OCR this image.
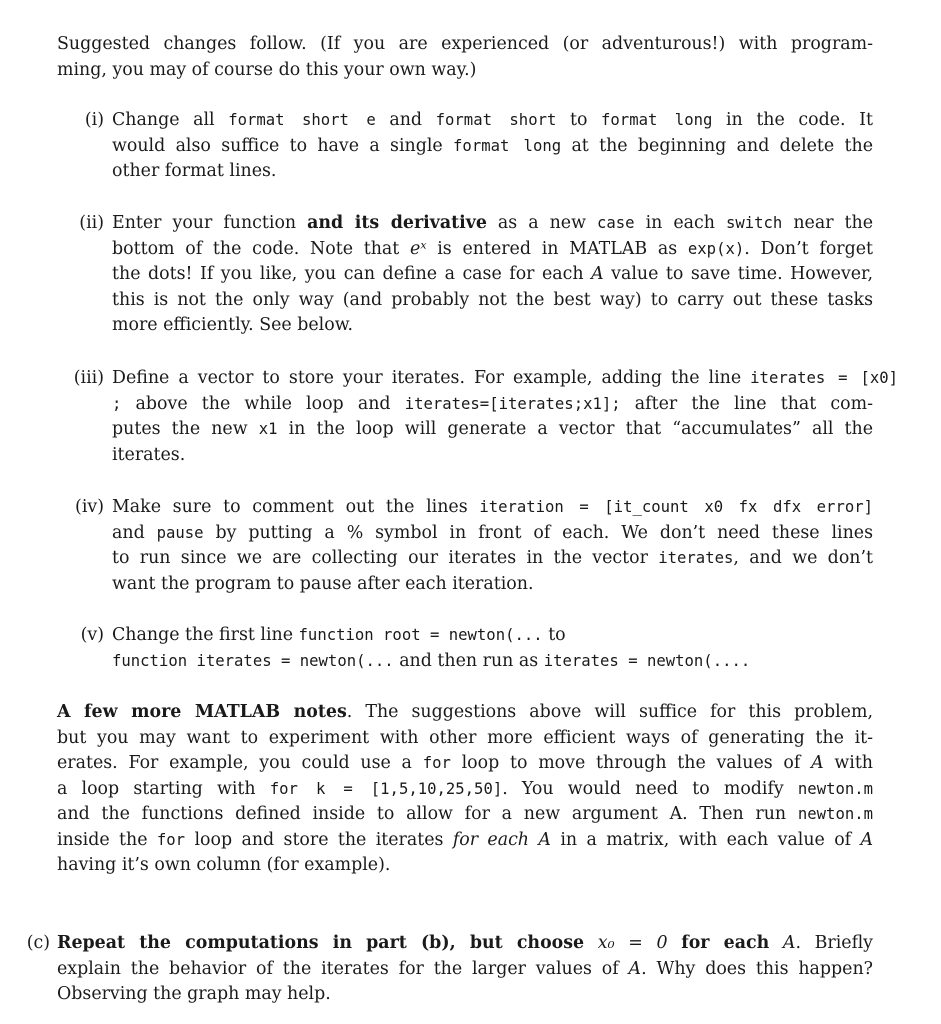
Suggested changes follow. (If you are experienced (or adventurous!) with program-
ming, you may of course do this your own way.)
(i) Change all format short e and format short to format long in the code. It
would also suffice to have a single format long at the beginning and delete the
other format lines.
(ii) Enter your function and its derivative as a new case in each switch near the
bottom of the code. Note that eˣ is entered in MATLAB as exp(x). Don’t forget
the dots! If you like, you can define a case for each A value to save time. However,
this is not the only way (and probably not the best way) to carry out these tasks
more efficiently. See below.
(iii) Define a vector to store your iterates. For example, adding the line iterates = [x0]
; above the while loop and iterates=[iterates;x1]; after the line that com-
putes the new x1 in the loop will generate a vector that “accumulates” all the
iterates.
(iv) Make sure to comment out the lines iteration = [it_count x0 fx dfx error]
and pause by putting a % symbol in front of each. We don’t need these lines
to run since we are collecting our iterates in the vector iterates, and we don’t
want the program to pause after each iteration.
(v) Change the first line function root = newton(... to
function iterates = newton(... and then run as iterates = newton(....
A few more MATLAB notes. The suggestions above will suffice for this problem,
but you may want to experiment with other more efficient ways of generating the it-
erates. For example, you could use a for loop to move through the values of A with
a loop starting with for k = [1,5,10,25,50]. You would need to modify newton.m
and the functions defined inside to allow for a new argument A. Then run newton.m
inside the for loop and store the iterates for each A in a matrix, with each value of A
having it’s own column (for example).
(c) Repeat the computations in part (b), but choose x₀ = 0 for each A. Briefly
explain the behavior of the iterates for the larger values of A. Why does this happen?
Observing the graph may help.
